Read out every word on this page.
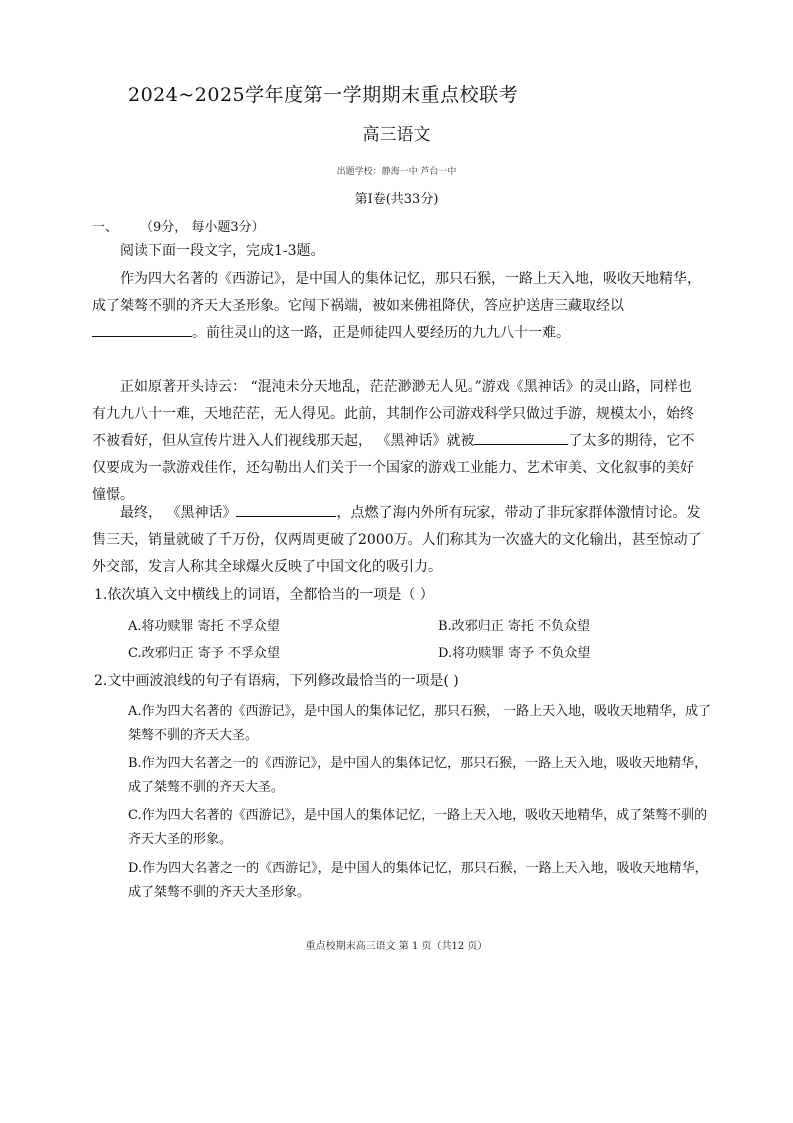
2024~2025学年度第一学期期末重点校联考
高三语文
出题学校：静海一中 芦台一中
第Ⅰ卷(共33分)
一、 （9分， 每小题3分）
阅读下面一段文字，完成1-3题。
作为四大名著的《西游记》，是中国人的集体记忆，那只石猴，一路上天入地，吸收天地精华，成了桀骜不驯的齐天大圣形象。它闯下祸端，被如来佛祖降伏，答应护送唐三藏取经以。前往灵山的这一路，正是师徒四人要经历的九九八十一难。
正如原著开头诗云： “混沌未分天地乱，茫茫渺渺无人见。”游戏《黑神话》的灵山路，同样也有九九八十一难，天地茫茫，无人得见。此前，其制作公司游戏科学只做过手游，规模太小，始终不被看好，但从宣传片进入人们视线那天起， 《黑神话》就被	了太多的期待，它不仅要成为一款游戏佳作，还勾勒出人们关于一个国家的游戏工业能力、艺术审美、文化叙事的美好憧憬。
最终， 《黑神话》	，点燃了海内外所有玩家，带动了非玩家群体激情讨论。发售三天，销量就破了千万份，仅两周更破了2000万。人们称其为一次盛大的文化输出，甚至惊动了外交部，发言人称其全球爆火反映了中国文化的吸引力。
1.依次填入文中横线上的词语，全都恰当的一项是（ ）
A.将功赎罪 寄托 不孚众望	B.改邪归正 寄托 不负众望
C.改邪归正 寄予 不孚众望	D.将功赎罪 寄予 不负众望
2.文中画波浪线的句子有语病，下列修改最恰当的一项是( )
A.作为四大名著的《西游记》，是中国人的集体记忆，那只石猴， 一路上天入地，吸收天地精华，成了桀骜不驯的齐天大圣。
B.作为四大名著之一的《西游记》，是中国人的集体记忆，那只石猴，一路上天入地，吸收天地精华，成了桀骜不驯的齐天大圣。
C.作为四大名著的《西游记》，是中国人的集体记忆，一路上天入地，吸收天地精华，成了桀骜不驯的齐天大圣的形象。
D.作为四大名著之一的《西游记》，是中国人的集体记忆，那只石猴，一路上天入地，吸收天地精华，成了桀骜不驯的齐天大圣形象。
重点校期末高三语文 第 1 页（共12 页）
